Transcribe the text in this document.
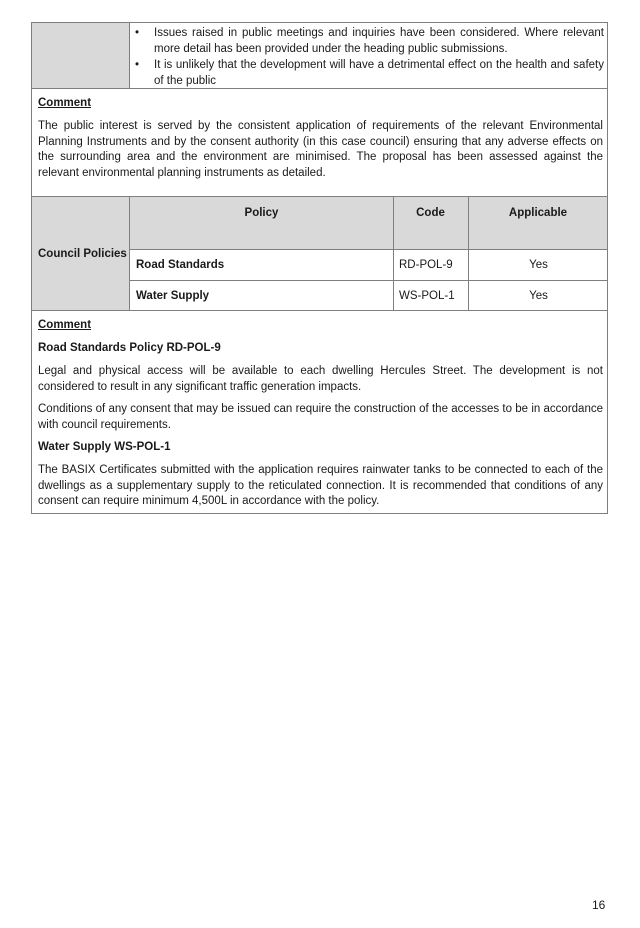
• Issues raised in public meetings and inquiries have been considered. Where relevant more detail has been provided under the heading public submissions.
• It is unlikely that the development will have a detrimental effect on the health and safety of the public
Comment
The public interest is served by the consistent application of requirements of the relevant Environmental Planning Instruments and by the consent authority (in this case council) ensuring that any adverse effects on the surrounding area and the environment are minimised. The proposal has been assessed against the relevant environmental planning instruments as detailed.
Council Policies
Policy	Code	Applicable
Road Standards	RD-POL-9	Yes
Water Supply	WS-POL-1	Yes
Comment
Road Standards Policy RD-POL-9
Legal and physical access will be available to each dwelling Hercules Street. The development is not considered to result in any significant traffic generation impacts.
Conditions of any consent that may be issued can require the construction of the accesses to be in accordance with council requirements.
Water Supply WS-POL-1
The BASIX Certificates submitted with the application requires rainwater tanks to be connected to each of the dwellings as a supplementary supply to the reticulated connection. It is recommended that conditions of any consent can require minimum 4,500L in accordance with the policy.
16
